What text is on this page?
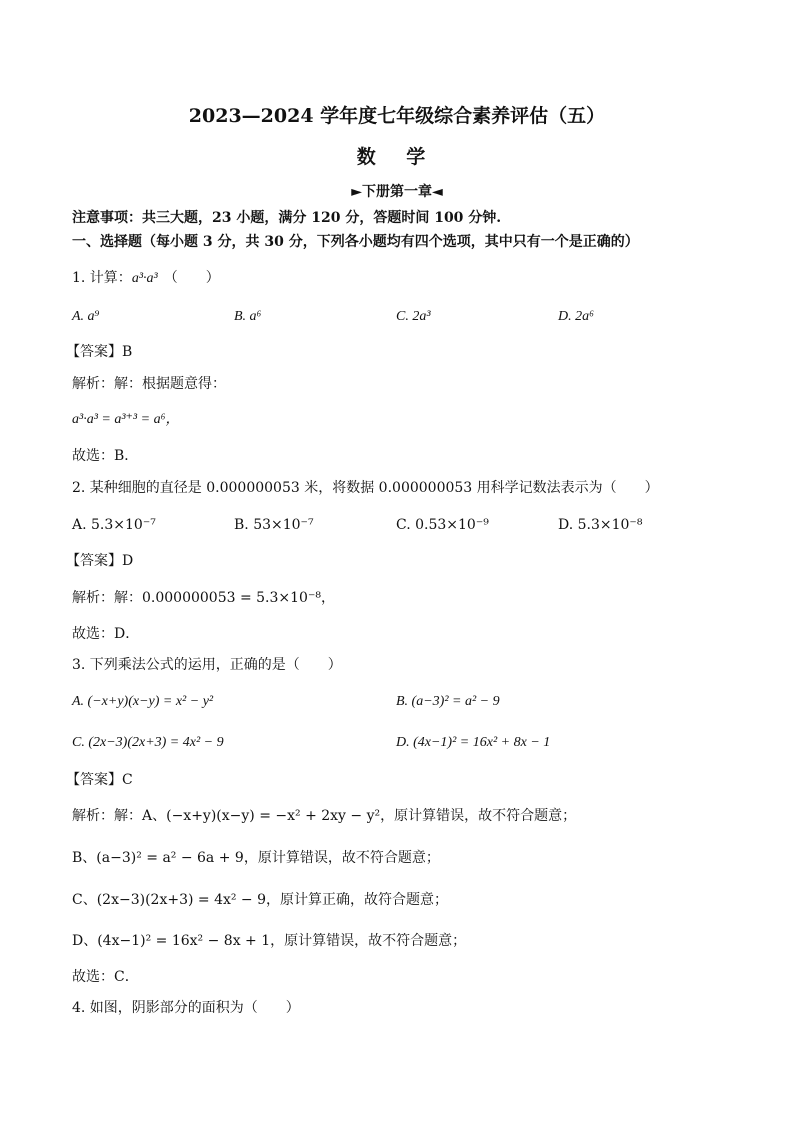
2023—2024 学年度七年级综合素养评估（五）
数 学
►下册第一章◄
注意事项：共三大题，23 小题，满分 120 分，答题时间 100 分钟.
一、选择题（每小题 3 分，共 30 分，下列各小题均有四个选项，其中只有一个是正确的）
1. 计算：a³·a³ （　　）
A. a⁹	B. a⁶	C. 2a³	D. 2a⁶
【答案】B
解析：解：根据题意得：
a³·a³ = a³⁺³ = a⁶，
故选：B．
2. 某种细胞的直径是 0.000000053 米，将数据 0.000000053 用科学记数法表示为（　　）
A. 5.3×10⁻⁷	B. 53×10⁻⁷	C. 0.53×10⁻⁹	D. 5.3×10⁻⁸
【答案】D
解析：解：0.000000053 = 5.3×10⁻⁸，
故选：D．
3. 下列乘法公式的运用，正确的是（　　）
A. (−x+y)(x−y) = x² − y²	B. (a−3)² = a² − 9
C. (2x−3)(2x+3) = 4x² − 9	D. (4x−1)² = 16x² + 8x − 1
【答案】C
解析：解：A、(−x+y)(x−y) = −x² + 2xy − y²，原计算错误，故不符合题意；
B、(a−3)² = a² − 6a + 9，原计算错误，故不符合题意；
C、(2x−3)(2x+3) = 4x² − 9，原计算正确，故符合题意；
D、(4x−1)² = 16x² − 8x + 1，原计算错误，故不符合题意；
故选：C．
4. 如图，阴影部分的面积为（　　）
